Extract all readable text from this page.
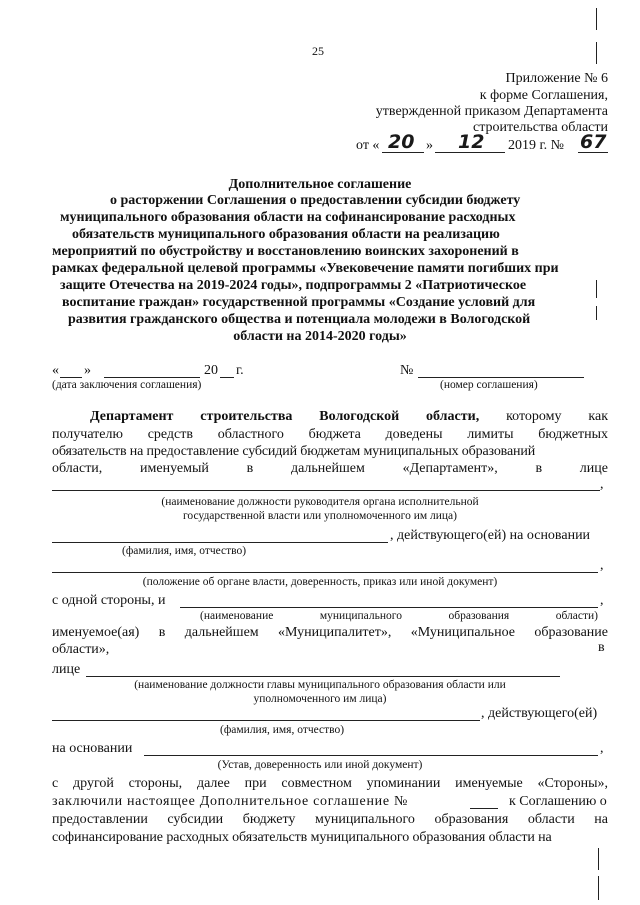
25
Приложение № 6
к форме Соглашения,
утвержденной приказом Департамента
строительства области
от « 20 » 12 2019 г. № 67
Дополнительное соглашение
о расторжении Соглашения о предоставлении субсидии бюджету
муниципального образования области на софинансирование расходных
обязательств муниципального образования области на реализацию
мероприятий по обустройству и восстановлению воинских захоронений в
рамках федеральной целевой программы «Увековечение памяти погибших при
защите Отечества на 2019-2024 годы», подпрограммы 2 «Патриотическое
воспитание граждан» государственной программы «Создание условий для
развития гражданского общества и потенциала молодежи в Вологодской
области на 2014-2020 годы»
« »	20 г.
(дата заключения соглашения)
№
(номер соглашения)
Департамент строительства Вологодской области, которому как
получателю средств областного бюджета доведены лимиты бюджетных
обязательств на предоставление субсидий бюджетам муниципальных образований
области, именуемый в дальнейшем «Департамент», в лице
,
(наименование должности руководителя органа исполнительной
государственной власти или уполномоченного им лица)
, действующего(ей) на основании
(фамилия, имя, отчество)
,
(положение об органе власти, доверенность, приказ или иной документ)
с одной стороны, и	,
(наименование муниципального образования области)
именуемое(ая) в дальнейшем «Муниципалитет», «Муниципальное образование
области»,	в
лице
(наименование должности главы муниципального образования области или
уполномоченного им лица)
, действующего(ей)
(фамилия, имя, отчество)
на основании	,
(Устав, доверенность или иной документ)
с другой стороны, далее при совместном упоминании именуемые «Стороны»,
заключили настоящее Дополнительное соглашение №	к Соглашению о
предоставлении субсидии бюджету муниципального образования области на
софинансирование расходных обязательств муниципального образования области на
